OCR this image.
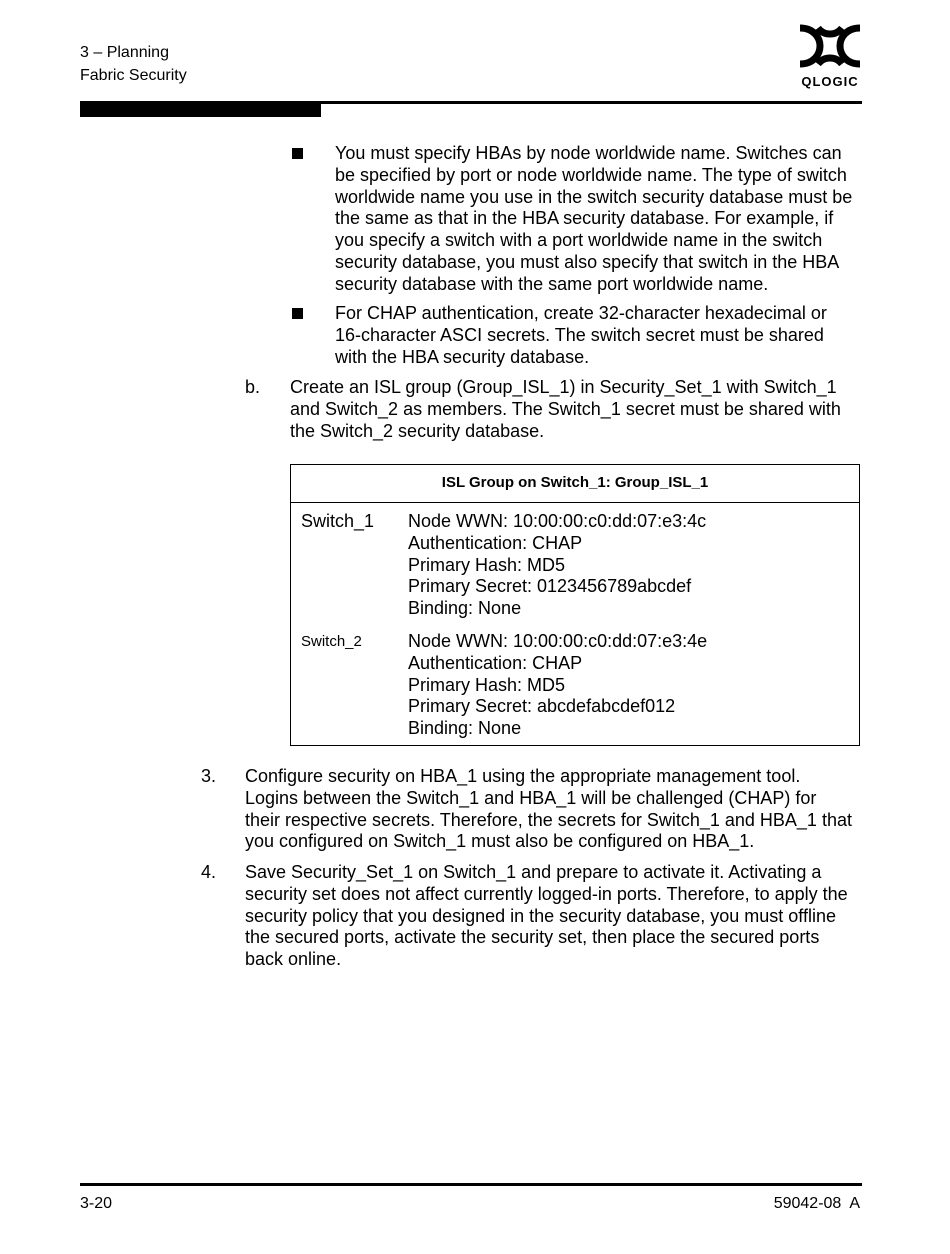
3 – Planning
Fabric Security	QLOGIC
You must specify HBAs by node worldwide name. Switches can
be specified by port or node worldwide name. The type of switch
worldwide name you use in the switch security database must be
the same as that in the HBA security database. For example, if
you specify a switch with a port worldwide name in the switch
security database, you must also specify that switch in the HBA
security database with the same port worldwide name.
For CHAP authentication, create 32-character hexadecimal or
16-character ASCI secrets. The switch secret must be shared
with the HBA security database.
b. Create an ISL group (Group_ISL_1) in Security_Set_1 with Switch_1
and Switch_2 as members. The Switch_1 secret must be shared with
the Switch_2 security database.
ISL Group on Switch_1: Group_ISL_1
Switch_1 Node WWN: 10:00:00:c0:dd:07:e3:4c
Authentication: CHAP
Primary Hash: MD5
Primary Secret: 0123456789abcdef
Binding: None
Switch_2	Node WWN: 10:00:00:c0:dd:07:e3:4e
Authentication: CHAP
Primary Hash: MD5
Primary Secret: abcdefabcdef012
Binding: None
3. Configure security on HBA_1 using the appropriate management tool.
Logins between the Switch_1 and HBA_1 will be challenged (CHAP) for
their respective secrets. Therefore, the secrets for Switch_1 and HBA_1 that
you configured on Switch_1 must also be configured on HBA_1.
4. Save Security_Set_1 on Switch_1 and prepare to activate it. Activating a
security set does not affect currently logged-in ports. Therefore, to apply the
security policy that you designed in the security database, you must offline
the secured ports, activate the security set, then place the secured ports
back online.
3-20	59042-08  A
